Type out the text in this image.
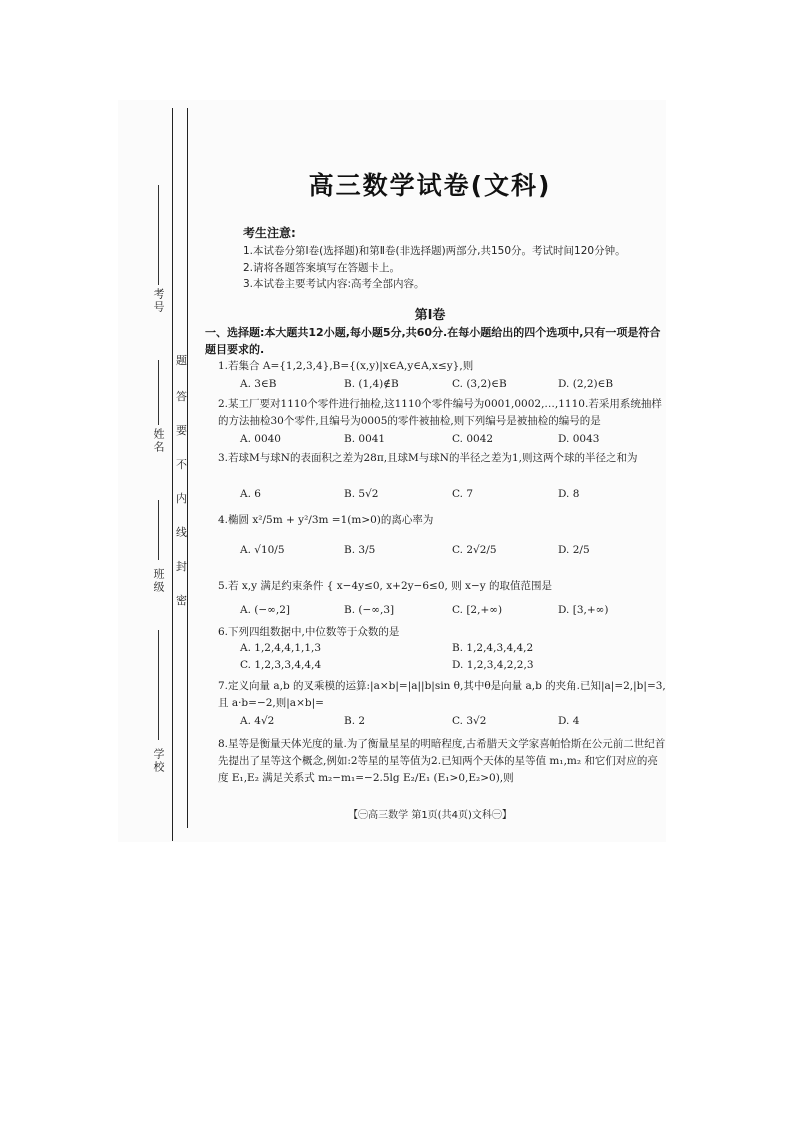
考号
姓名
班级
学校
题
答
要
不
内
线
封
密
高三数学试卷(文科)
考生注意:
1.本试卷分第Ⅰ卷(选择题)和第Ⅱ卷(非选择题)两部分,共150分。考试时间120分钟。
2.请将各题答案填写在答题卡上。
3.本试卷主要考试内容:高考全部内容。
第Ⅰ卷
一、选择题:本大题共12小题,每小题5分,共60分.在每小题给出的四个选项中,只有一项是符合题目要求的.
1.若集合 A={1,2,3,4},B={(x,y)|x∈A,y∈A,x≤y},则
A. 3∈B	B. (1,4)∉B	C. (3,2)∈B	D. (2,2)∈B
2.某工厂要对1110个零件进行抽检,这1110个零件编号为0001,0002,…,1110.若采用系统抽样的方法抽检30个零件,且编号为0005的零件被抽检,则下列编号是被抽检的编号的是
A. 0040	B. 0041	C. 0042	D. 0043
3.若球M与球N的表面积之差为28π,且球M与球N的半径之差为1,则这两个球的半径之和为
A. 6	B. 5√2	C. 7	D. 8
4.椭圆 x²/5m + y²/3m =1(m>0)的离心率为
A. √10/5	B. 3/5	C. 2√2/5	D. 2/5
5.若 x,y 满足约束条件 { x−4y≤0, x+2y−6≤0, 则 x−y 的取值范围是
A. (−∞,2]	B. (−∞,3]	C. [2,+∞)	D. [3,+∞)
6.下列四组数据中,中位数等于众数的是
A. 1,2,4,4,1,1,3	B. 1,2,4,3,4,4,2
C. 1,2,3,3,4,4,4	D. 1,2,3,4,2,2,3
7.定义向量 a,b 的叉乘模的运算:|a×b|=|a||b|sin θ,其中θ是向量 a,b 的夹角.已知|a|=2,|b|=3,且 a·b=−2,则|a×b|=
A. 4√2	B. 2	C. 3√2	D. 4
8.星等是衡量天体光度的量.为了衡量星星的明暗程度,古希腊天文学家喜帕恰斯在公元前二世纪首先提出了星等这个概念,例如:2等星的星等值为2.已知两个天体的星等值 m₁,m₂ 和它们对应的亮度 E₁,E₂ 满足关系式 m₂−m₁=−2.5lg E₂/E₁ (E₁>0,E₂>0),则
【㊀高三数学 第1页(共4页)文科㊀】
